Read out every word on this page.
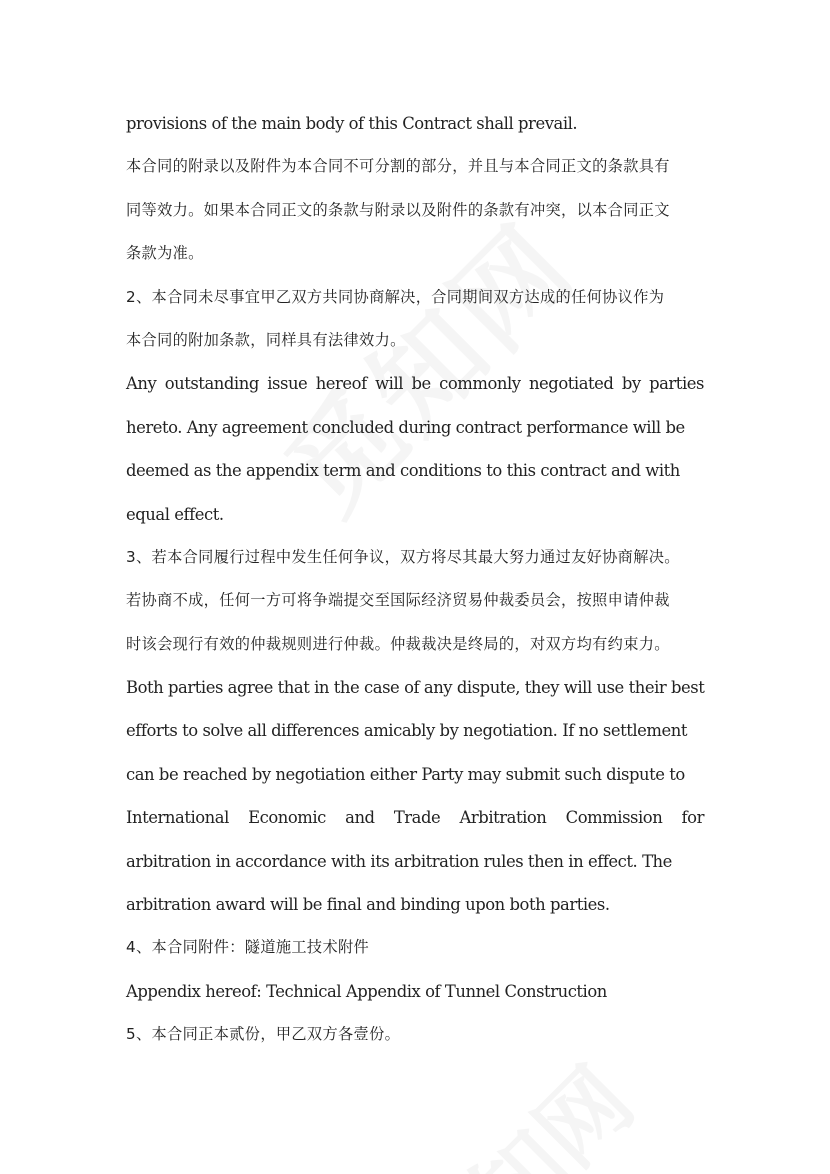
provisions of the main body of this Contract shall prevail.
本合同的附录以及附件为本合同不可分割的部分，并且与本合同正文的条款具有
同等效力。如果本合同正文的条款与附录以及附件的条款有冲突，以本合同正文
条款为准。
2、本合同未尽事宜甲乙双方共同协商解决，合同期间双方达成的任何协议作为
本合同的附加条款，同样具有法律效力。
Any outstanding issue hereof will be commonly negotiated by parties
hereto. Any agreement concluded during contract performance will be
deemed as the appendix term and conditions to this contract and with
equal effect.
3、若本合同履行过程中发生任何争议，双方将尽其最大努力通过友好协商解决。
若协商不成，任何一方可将争端提交至国际经济贸易仲裁委员会，按照申请仲裁
时该会现行有效的仲裁规则进行仲裁。仲裁裁决是终局的，对双方均有约束力。
Both parties agree that in the case of any dispute, they will use their best
efforts to solve all differences amicably by negotiation. If no settlement
can be reached by negotiation either Party may submit such dispute to
International Economic and Trade Arbitration Commission for
arbitration in accordance with its arbitration rules then in effect. The
arbitration award will be final and binding upon both parties.
4、本合同附件：隧道施工技术附件
Appendix hereof: Technical Appendix of Tunnel Construction
5、本合同正本贰份，甲乙双方各壹份。
